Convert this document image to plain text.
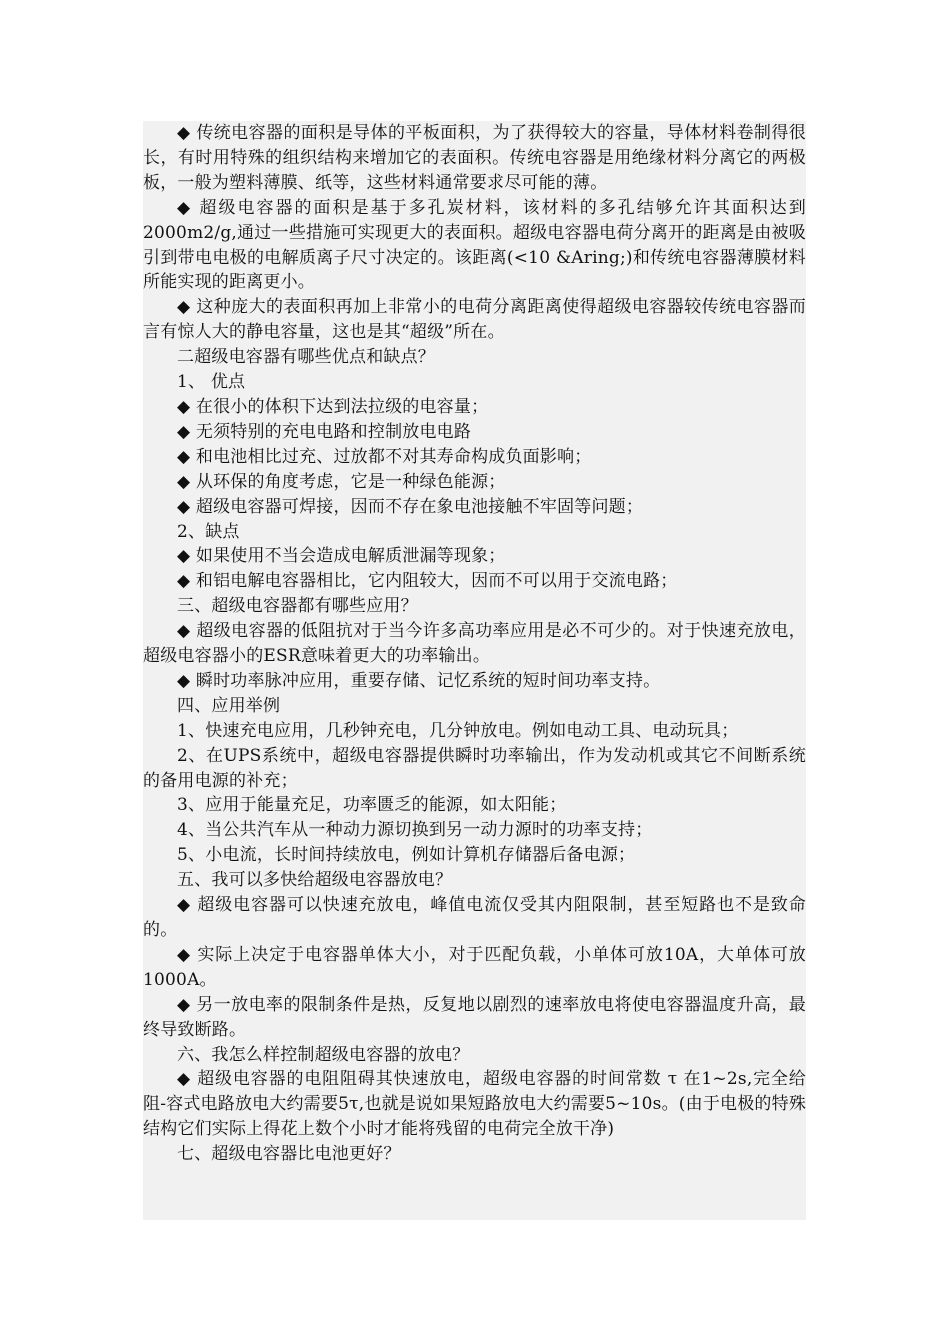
◆ 传统电容器的面积是导体的平板面积，为了获得较大的容量，导体材料卷制得很长，有时用特殊的组织结构来增加它的表面积。传统电容器是用绝缘材料分离它的两极板，一般为塑料薄膜、纸等，这些材料通常要求尽可能的薄。

◆ 超级电容器的面积是基于多孔炭材料，该材料的多孔结够允许其面积达到2000m2/g,通过一些措施可实现更大的表面积。超级电容器电荷分离开的距离是由被吸引到带电电极的电解质离子尺寸决定的。该距离(<10 &Aring;)和传统电容器薄膜材料所能实现的距离更小。

◆ 这种庞大的表面积再加上非常小的电荷分离距离使得超级电容器较传统电容器而言有惊人大的静电容量，这也是其“超级”所在。

二超级电容器有哪些优点和缺点？

1、 优点

◆ 在很小的体积下达到法拉级的电容量；

◆ 无须特别的充电电路和控制放电电路

◆ 和电池相比过充、过放都不对其寿命构成负面影响；

◆ 从环保的角度考虑，它是一种绿色能源；

◆ 超级电容器可焊接，因而不存在象电池接触不牢固等问题；

2、缺点

◆ 如果使用不当会造成电解质泄漏等现象；

◆ 和铝电解电容器相比，它内阻较大，因而不可以用于交流电路；

三、超级电容器都有哪些应用？

◆ 超级电容器的低阻抗对于当今许多高功率应用是必不可少的。对于快速充放电，超级电容器小的ESR意味着更大的功率输出。

◆ 瞬时功率脉冲应用，重要存储、记忆系统的短时间功率支持。

四、应用举例

1、快速充电应用，几秒钟充电，几分钟放电。例如电动工具、电动玩具；

2、在UPS系统中，超级电容器提供瞬时功率输出，作为发动机或其它不间断系统的备用电源的补充；

3、应用于能量充足，功率匮乏的能源，如太阳能；

4、当公共汽车从一种动力源切换到另一动力源时的功率支持；

5、小电流，长时间持续放电，例如计算机存储器后备电源；

五、我可以多快给超级电容器放电？

◆ 超级电容器可以快速充放电，峰值电流仅受其内阻限制，甚至短路也不是致命的。

◆ 实际上决定于电容器单体大小，对于匹配负载，小单体可放10A，大单体可放1000A。

◆ 另一放电率的限制条件是热，反复地以剧烈的速率放电将使电容器温度升高，最终导致断路。

六、我怎么样控制超级电容器的放电？

◆ 超级电容器的电阻阻碍其快速放电，超级电容器的时间常数 τ 在1~2s,完全给阻-容式电路放电大约需要5τ,也就是说如果短路放电大约需要5~10s。(由于电极的特殊结构它们实际上得花上数个小时才能将残留的电荷完全放干净)

七、超级电容器比电池更好？
